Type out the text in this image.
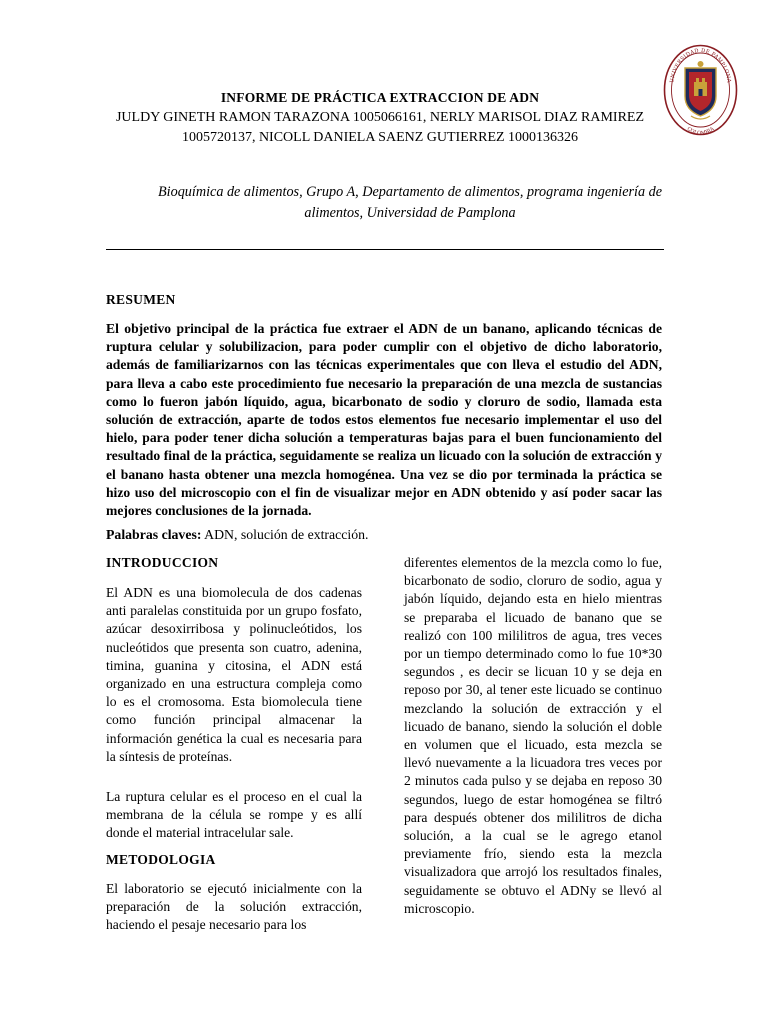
UNIVERSIDAD DE PAMPLONA
COLOMBIA
INFORME DE PRÁCTICA EXTRACCION DE ADN
JULDY GINETH RAMON TARAZONA 1005066161, NERLY MARISOL DIAZ RAMIREZ
1005720137, NICOLL DANIELA SAENZ GUTIERREZ 1000136326
Bioquímica de alimentos, Grupo A, Departamento de alimentos, programa ingeniería de alimentos, Universidad de Pamplona
RESUMEN

El objetivo principal de la práctica fue extraer el ADN de un banano, aplicando técnicas de ruptura celular y solubilizacion, para poder cumplir con el objetivo de dicho laboratorio, además de familiarizarnos con las técnicas experimentales que con lleva el estudio del ADN, para lleva a cabo este procedimiento fue necesario la preparación de una mezcla de sustancias como lo fueron jabón líquido, agua, bicarbonato de sodio y cloruro de sodio, llamada esta solución de extracción, aparte de todos estos elementos fue necesario implementar el uso del hielo, para poder tener dicha solución a temperaturas bajas para el buen funcionamiento del resultado final de la práctica, seguidamente se realiza un licuado con la solución de extracción y el banano hasta obtener una mezcla homogénea. Una vez se dio por terminada la práctica se hizo uso del microscopio con el fin de visualizar mejor en ADN obtenido y así poder sacar las mejores conclusiones de la jornada.

Palabras claves: ADN, solución de extracción.
INTRODUCCION

El ADN es una biomolecula de dos cadenas anti paralelas constituida por un grupo fosfato, azúcar desoxirribosa y polinucleótidos, los nucleótidos que presenta son cuatro, adenina, timina, guanina y citosina, el ADN está organizado en una estructura compleja como lo es el cromosoma. Esta biomolecula tiene como función principal almacenar la información genética la cual es necesaria para la síntesis de proteínas.

La ruptura celular es el proceso en el cual la membrana de la célula se rompe y es allí donde el material intracelular sale.

METODOLOGIA

El laboratorio se ejecutó inicialmente con la preparación de la solución extracción, haciendo el pesaje necesario para los

diferentes elementos de la mezcla como lo fue, bicarbonato de sodio, cloruro de sodio, agua y jabón líquido, dejando esta en hielo mientras se preparaba el licuado de banano que se realizó con 100 mililitros de agua, tres veces por un tiempo determinado como lo fue 10*30 segundos , es decir se licuan 10 y se deja en reposo por 30, al tener este licuado se continuo mezclando la solución de extracción y el licuado de banano, siendo la solución el doble en volumen que el licuado, esta mezcla se llevó nuevamente a la licuadora tres veces por 2 minutos cada pulso y se dejaba en reposo 30 segundos, luego de estar homogénea se filtró para después obtener dos mililitros de dicha solución, a la cual se le agrego etanol previamente frío, siendo esta la mezcla visualizadora que arrojó los resultados finales, seguidamente se obtuvo el ADNy se llevó al microscopio.
